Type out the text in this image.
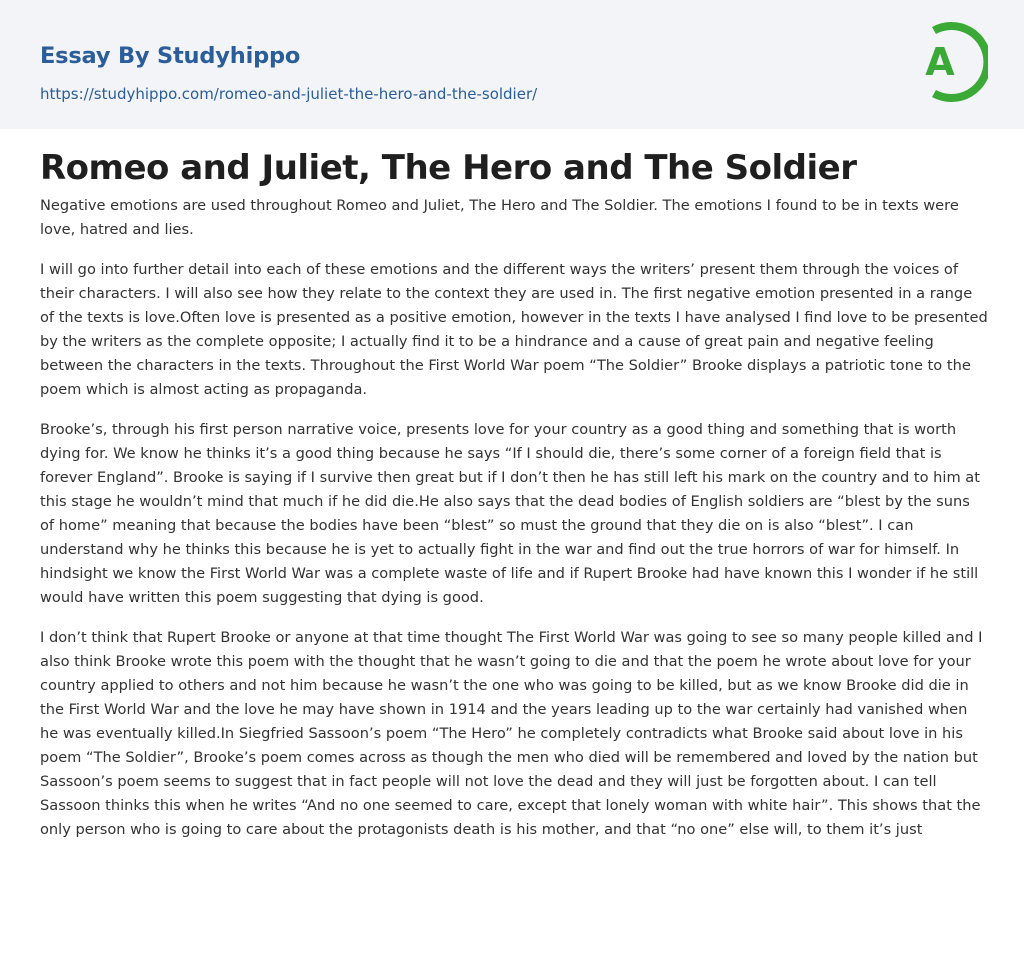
Essay By Studyhippo
https://studyhippo.com/romeo-and-juliet-the-hero-and-the-soldier/
A
Romeo and Juliet, The Hero and The Soldier

Negative emotions are used throughout Romeo and Juliet, The Hero and The Soldier. The emotions I found to be in texts were love, hatred and lies.

I will go into further detail into each of these emotions and the different ways the writers’ present them through the voices of their characters. I will also see how they relate to the context they are used in. The first negative emotion presented in a range of the texts is love.Often love is presented as a positive emotion, however in the texts I have analysed I find love to be presented by the writers as the complete opposite; I actually find it to be a hindrance and a cause of great pain and negative feeling between the characters in the texts. Throughout the First World War poem “The Soldier” Brooke displays a patriotic tone to the poem which is almost acting as propaganda.

Brooke’s, through his first person narrative voice, presents love for your country as a good thing and something that is worth dying for. We know he thinks it’s a good thing because he says “If I should die, there’s some corner of a foreign field that is forever England”. Brooke is saying if I survive then great but if I don’t then he has still left his mark on the country and to him at this stage he wouldn’t mind that much if he did die.He also says that the dead bodies of English soldiers are “blest by the suns of home” meaning that because the bodies have been “blest” so must the ground that they die on is also “blest”. I can understand why he thinks this because he is yet to actually fight in the war and find out the true horrors of war for himself. In hindsight we know the First World War was a complete waste of life and if Rupert Brooke had have known this I wonder if he still would have written this poem suggesting that dying is good.

I don’t think that Rupert Brooke or anyone at that time thought The First World War was going to see so many people killed and I also think Brooke wrote this poem with the thought that he wasn’t going to die and that the poem he wrote about love for your country applied to others and not him because he wasn’t the one who was going to be killed, but as we know Brooke did die in the First World War and the love he may have shown in 1914 and the years leading up to the war certainly had vanished when he was eventually killed.In Siegfried Sassoon’s poem “The Hero” he completely contradicts what Brooke said about love in his poem “The Soldier”, Brooke’s poem comes across as though the men who died will be remembered and loved by the nation but Sassoon’s poem seems to suggest that in fact people will not love the dead and they will just be forgotten about. I can tell Sassoon thinks this when he writes “And no one seemed to care, except that lonely woman with white hair”. This shows that the only person who is going to care about the protagonists death is his mother, and that “no one” else will, to them it’s just
